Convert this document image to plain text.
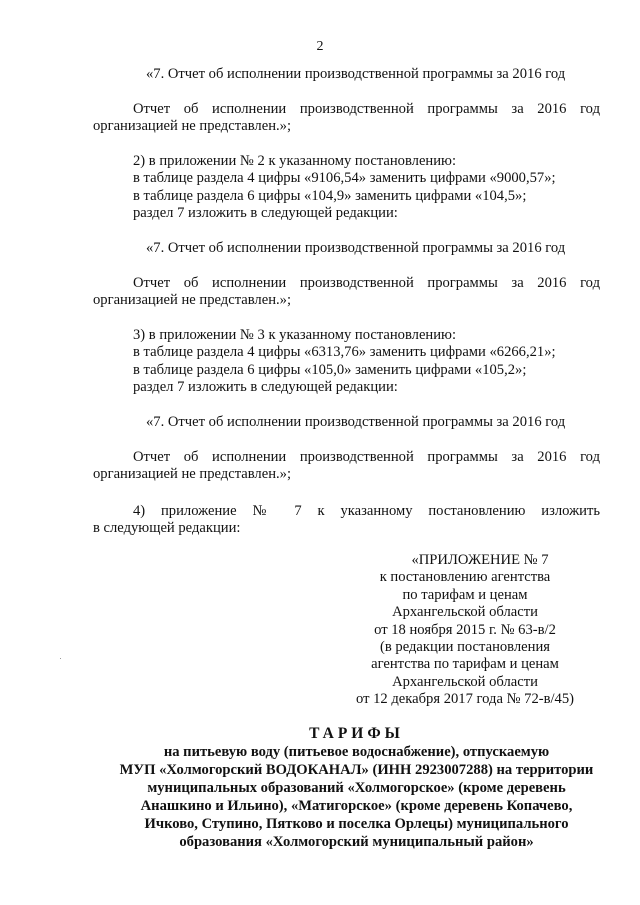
2
«7. Отчет об исполнении производственной программы за 2016 год
Отчет об исполнении производственной программы за 2016 год
организацией не представлен.»;
2) в приложении № 2 к указанному постановлению:
в таблице раздела 4 цифры «9106,54» заменить цифрами «9000,57»;
в таблице раздела 6 цифры «104,9» заменить цифрами «104,5»;
раздел 7 изложить в следующей редакции:
«7. Отчет об исполнении производственной программы за 2016 год
Отчет об исполнении производственной программы за 2016 год
организацией не представлен.»;
3) в приложении № 3 к указанному постановлению:
в таблице раздела 4 цифры «6313,76» заменить цифрами «6266,21»;
в таблице раздела 6 цифры «105,0» заменить цифрами «105,2»;
раздел 7 изложить в следующей редакции:
«7. Отчет об исполнении производственной программы за 2016 год
Отчет об исполнении производственной программы за 2016 год
организацией не представлен.»;
4) приложение № 7 к указанному постановлению изложить
в следующей редакции:
«ПРИЛОЖЕНИЕ № 7
к постановлению агентства
по тарифам и ценам
Архангельской области
от 18 ноября 2015 г. № 63-в/2
(в редакции постановления
агентства по тарифам и ценам
Архангельской области
от 12 декабря 2017 года № 72-в/45)
ТАРИФЫ
на питьевую воду (питьевое водоснабжение), отпускаемую
МУП «Холмогорский ВОДОКАНАЛ» (ИНН 2923007288) на территории
муниципальных образований «Холмогорское» (кроме деревень
Анашкино и Ильино), «Матигорское» (кроме деревень Копачево,
Ичково, Ступино, Пятково и поселка Орлецы) муниципального
образования «Холмогорский муниципальный район»
